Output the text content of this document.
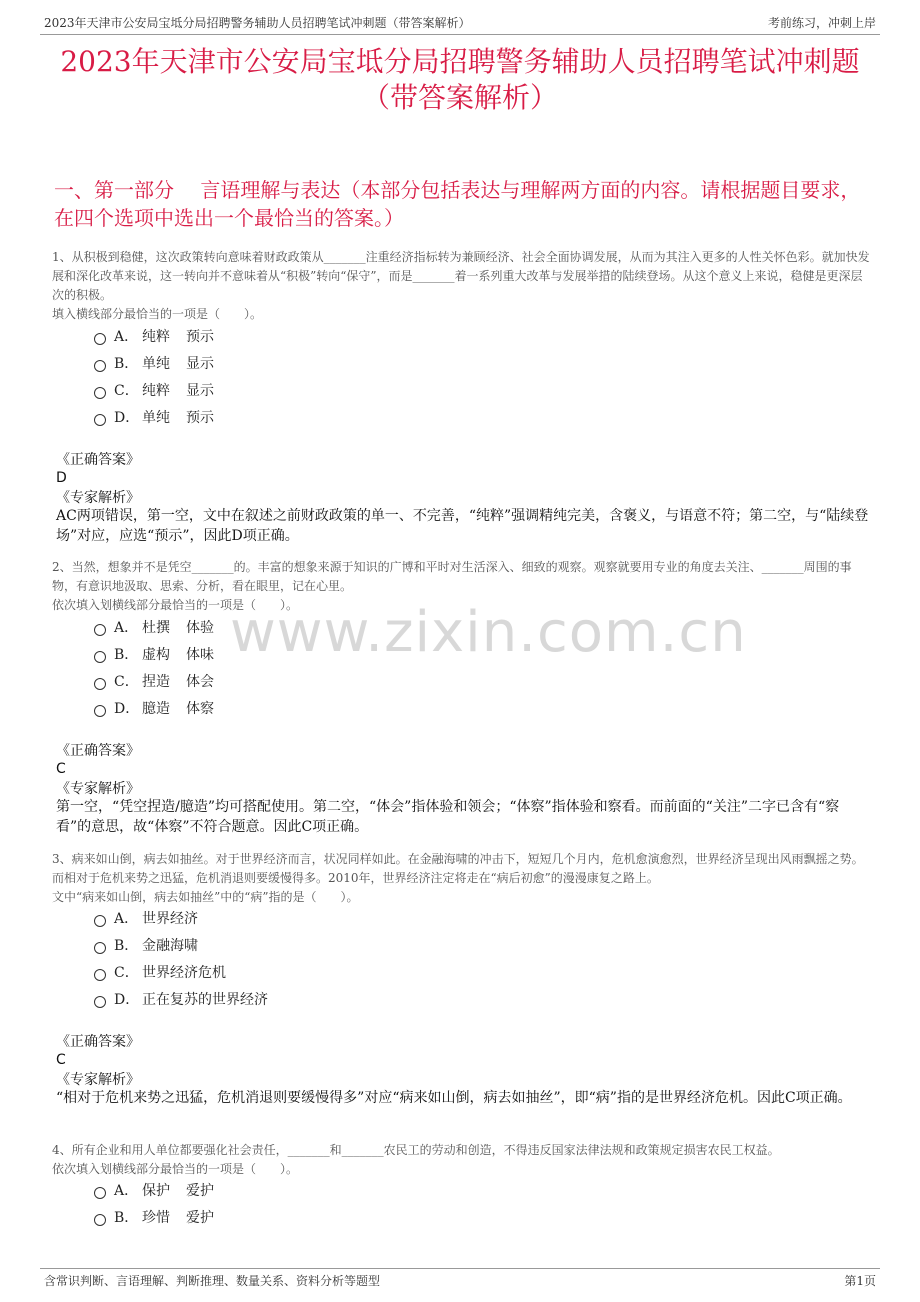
2023年天津市公安局宝坻分局招聘警务辅助人员招聘笔试冲刺题（带答案解析）	考前练习，冲刺上岸
2023年天津市公安局宝坻分局招聘警务辅助人员招聘笔试冲刺题（带答案解析）
一、第一部分　 言语理解与表达（本部分包括表达与理解两方面的内容。请根据题目要求，在四个选项中选出一个最恰当的答案。）
www.zixin.com.cn
1、从积极到稳健，这次政策转向意味着财政政策从_______注重经济指标转为兼顾经济、社会全面协调发展，从而为其注入更多的人性关怀色彩。就加快发展和深化改革来说，这一转向并不意味着从“积极”转向“保守”，而是_______着一系列重大改革与发展举措的陆续登场。从这个意义上来说，稳健是更深层次的积极。
填入横线部分最恰当的一项是（　　）。
A． 纯粹 预示
B． 单纯 显示
C． 纯粹 显示
D． 单纯 预示
《正确答案》
D
《专家解析》
AC两项错误，第一空，文中在叙述之前财政政策的单一、不完善，“纯粹”强调精纯完美，含褒义，与语意不符；第二空，与“陆续登场”对应，应选“预示”，因此D项正确。
2、当然，想象并不是凭空_______的。丰富的想象来源于知识的广博和平时对生活深入、细致的观察。观察就要用专业的角度去关注、_______周围的事物，有意识地汲取、思索、分析，看在眼里，记在心里。
依次填入划横线部分最恰当的一项是（　　）。
A． 杜撰 体验
B． 虚构 体味
C． 捏造 体会
D． 臆造 体察
《正确答案》
C
《专家解析》
第一空，“凭空捏造/臆造”均可搭配使用。第二空，“体会”指体验和领会；“体察”指体验和察看。而前面的“关注”二字已含有“察看”的意思，故“体察”不符合题意。因此C项正确。
3、病来如山倒，病去如抽丝。对于世界经济而言，状况同样如此。在金融海啸的冲击下，短短几个月内，危机愈演愈烈，世界经济呈现出风雨飘摇之势。而相对于危机来势之迅猛，危机消退则要缓慢得多。2010年，世界经济注定将走在“病后初愈”的漫漫康复之路上。
文中“病来如山倒，病去如抽丝”中的“病”指的是（　　）。
A． 世界经济
B． 金融海啸
C． 世界经济危机
D． 正在复苏的世界经济
《正确答案》
C
《专家解析》
“相对于危机来势之迅猛，危机消退则要缓慢得多”对应“病来如山倒，病去如抽丝”，即“病”指的是世界经济危机。因此C项正确。
4、所有企业和用人单位都要强化社会责任，_______和_______农民工的劳动和创造，不得违反国家法律法规和政策规定损害农民工权益。
依次填入划横线部分最恰当的一项是（　　）。
A． 保护 爱护
B． 珍惜 爱护
含常识判断、言语理解、判断推理、数量关系、资料分析等题型	第1页
